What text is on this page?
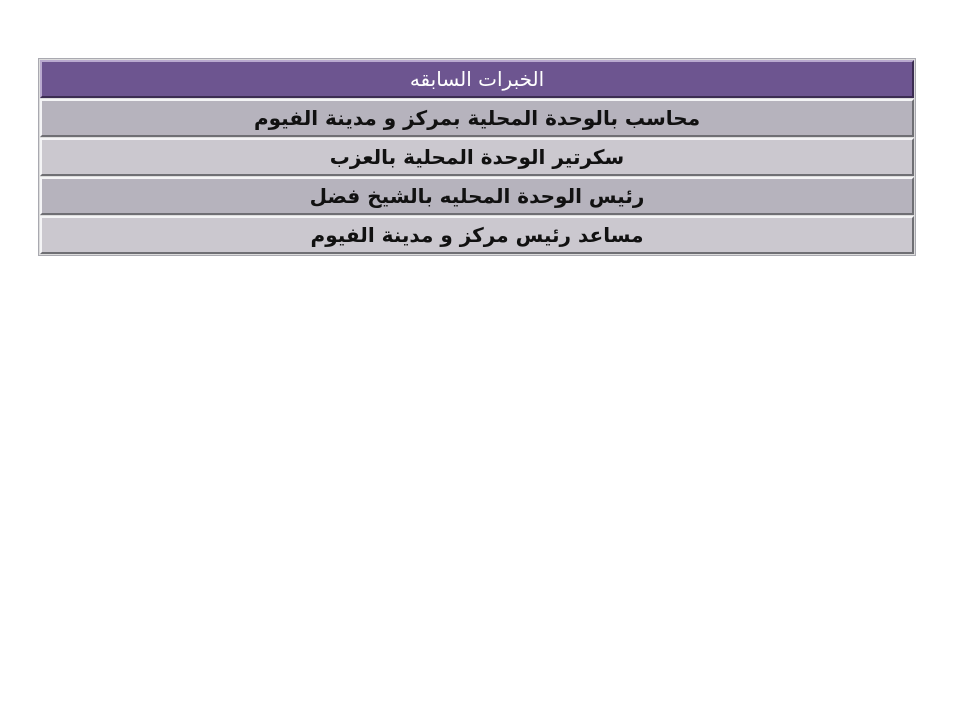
الخبرات السابقه
محاسب بالوحدة المحلية بمركز و مدينة الفيوم
سكرتير الوحدة المحلية بالعزب
رئيس الوحدة المحليه بالشيخ فضل
مساعد رئيس مركز و مدينة الفيوم
